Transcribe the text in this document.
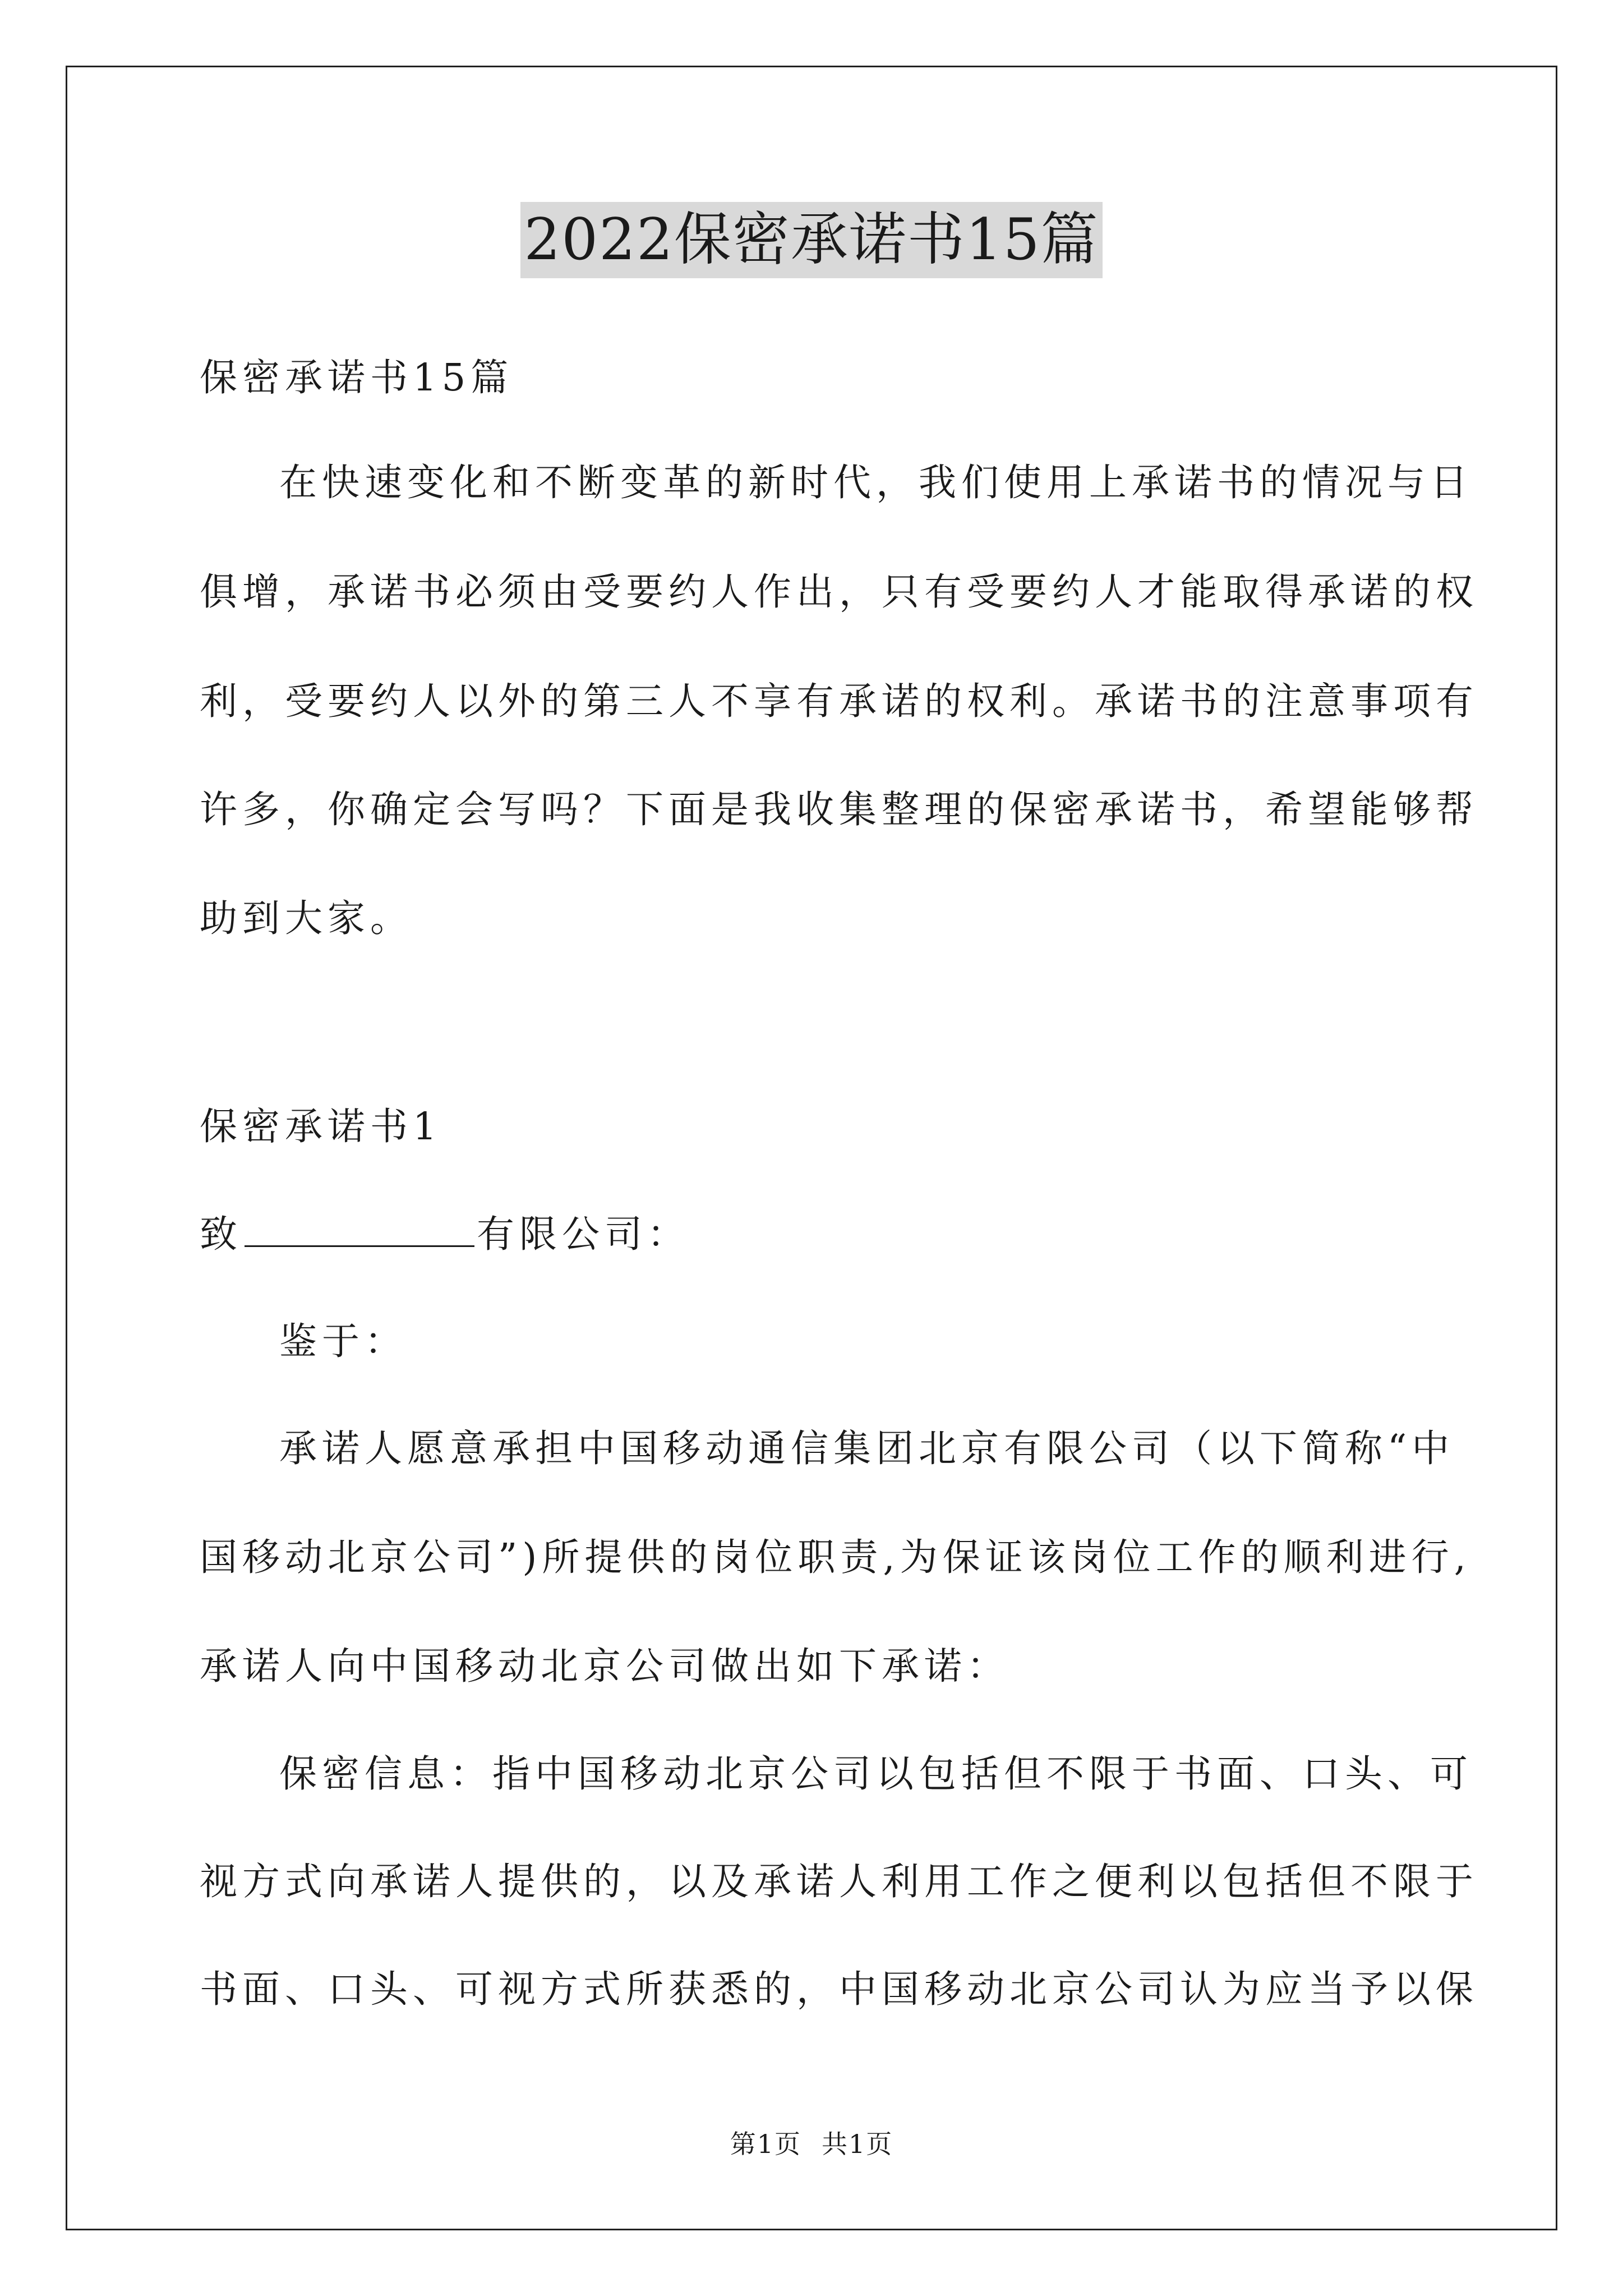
2022保密承诺书15篇
保密承诺书15篇
在快速变化和不断变革的新时代，我们使用上承诺书的情况与日
俱增，承诺书必须由受要约人作出，只有受要约人才能取得承诺的权
利，受要约人以外的第三人不享有承诺的权利。承诺书的注意事项有
许多，你确定会写吗？下面是我收集整理的保密承诺书，希望能够帮
助到大家。
保密承诺书1
致	有限公司：
鉴于：
承诺人愿意承担中国移动通信集团北京有限公司（以下简称“中
国移动北京公司”)所提供的岗位职责,为保证该岗位工作的顺利进行,
承诺人向中国移动北京公司做出如下承诺：
保密信息：指中国移动北京公司以包括但不限于书面、口头、可
视方式向承诺人提供的，以及承诺人利用工作之便利以包括但不限于
书面、口头、可视方式所获悉的，中国移动北京公司认为应当予以保
第1页 共1页
